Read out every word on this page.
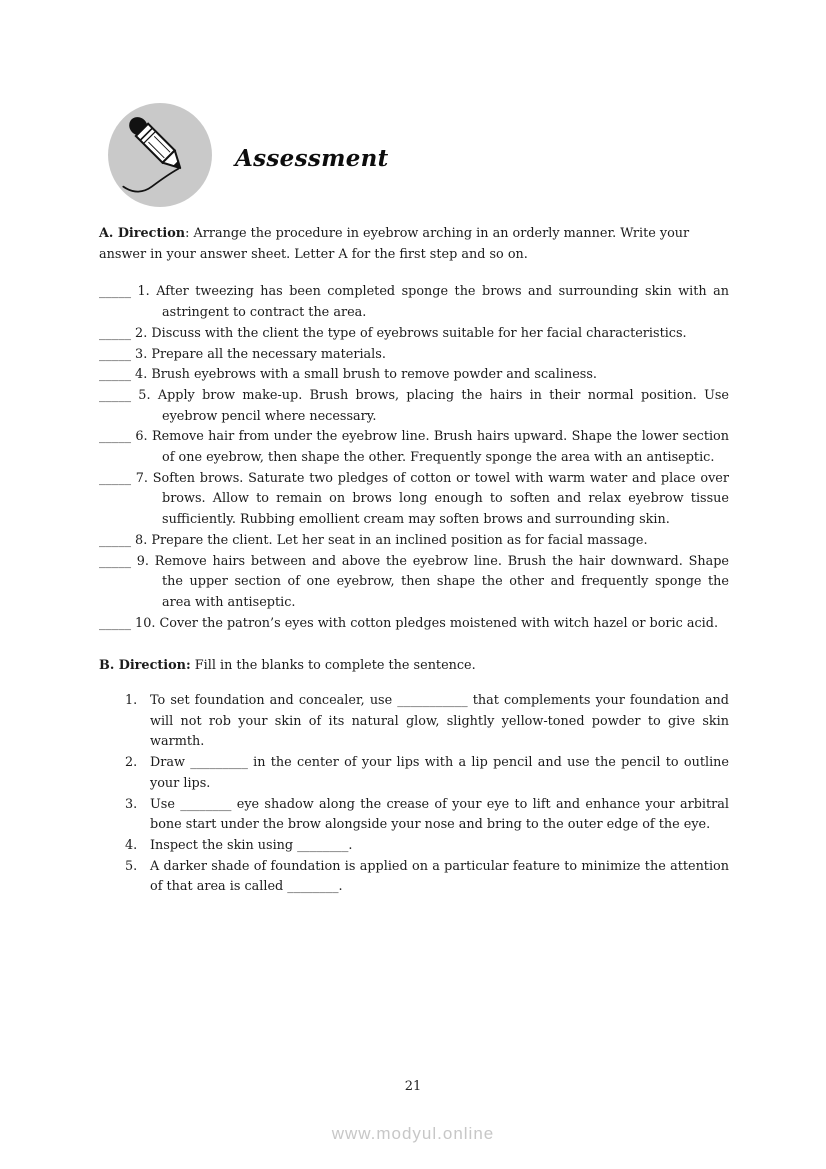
Assessment

A. Direction: Arrange the procedure in eyebrow arching in an orderly manner. Write your answer in your answer sheet. Letter A for the first step and so on.

_____ 1. After tweezing has been completed sponge the brows and surrounding skin with an astringent to contract the area.
_____ 2. Discuss with the client the type of eyebrows suitable for her facial characteristics.
_____ 3. Prepare all the necessary materials.
_____ 4. Brush eyebrows with a small brush to remove powder and scaliness.
_____ 5. Apply brow make-up. Brush brows, placing the hairs in their normal position. Use eyebrow pencil where necessary.
_____ 6. Remove hair from under the eyebrow line. Brush hairs upward. Shape the lower section of one eyebrow, then shape the other. Frequently sponge the area with an antiseptic.
_____ 7. Soften brows. Saturate two pledges of cotton or towel with warm water and place over brows. Allow to remain on brows long enough to soften and relax eyebrow tissue sufficiently. Rubbing emollient cream may soften brows and surrounding skin.
_____ 8. Prepare the client. Let her seat in an inclined position as for facial massage.
_____ 9. Remove hairs between and above the eyebrow line. Brush the hair downward. Shape the upper section of one eyebrow, then shape the other and frequently sponge the area with antiseptic.
_____ 10. Cover the patron’s eyes with cotton pledges moistened with witch hazel or boric acid.

B. Direction: Fill in the blanks to complete the sentence.

1. To set foundation and concealer, use ___________ that complements your foundation and will not rob your skin of its natural glow, slightly yellow-toned powder to give skin warmth.
2. Draw _________ in the center of your lips with a lip pencil and use the pencil to outline your lips.
3. Use ________ eye shadow along the crease of your eye to lift and enhance your arbitral bone start under the brow alongside your nose and bring to the outer edge of the eye.
4. Inspect the skin using ________.
5. A darker shade of foundation is applied on a particular feature to minimize the attention of that area is called ________.
21
www.modyul.online
